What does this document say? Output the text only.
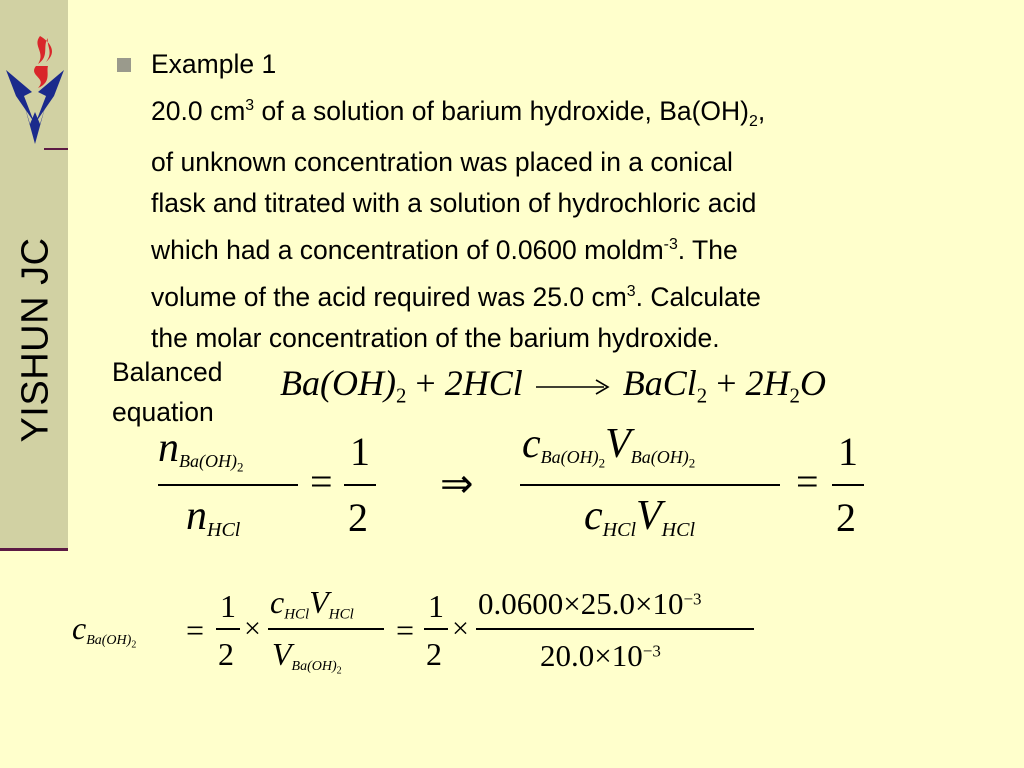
YISHUN JC
Example 1
20.0 $cm^3$ of a solution of barium hydroxide, $Ba(OH)_2$,
of unknown concentration was placed in a conical
flask and titrated with a solution of hydrochloric acid
which had a concentration of 0.0600 moldm$^{-3}$. The
volume of the acid required was 25.0 $cm^3$. Calculate
the molar concentration of the barium hydroxide.
Balanced
equation
$Ba(OH)_2 + 2HCl$ → BaCl$_2$ + $2H_2O$
$n_{Ba(OH)_2}$
$n_{HCl}$
=
1
2
⇒
$c_{Ba(OH)_2}V_{Ba(OH)_2}$
$c_{HCl}V_{HCl}$
=
1
2
$c_{Ba(OH)_2}$ =
1
2
×
$c_{HCl}V_{HCl}$
$V_{Ba(OH)_2}$
=
1
2
×
$0.0600\times 25.0\times 10^{-3}$
$20.0\times 10^{-3}$
